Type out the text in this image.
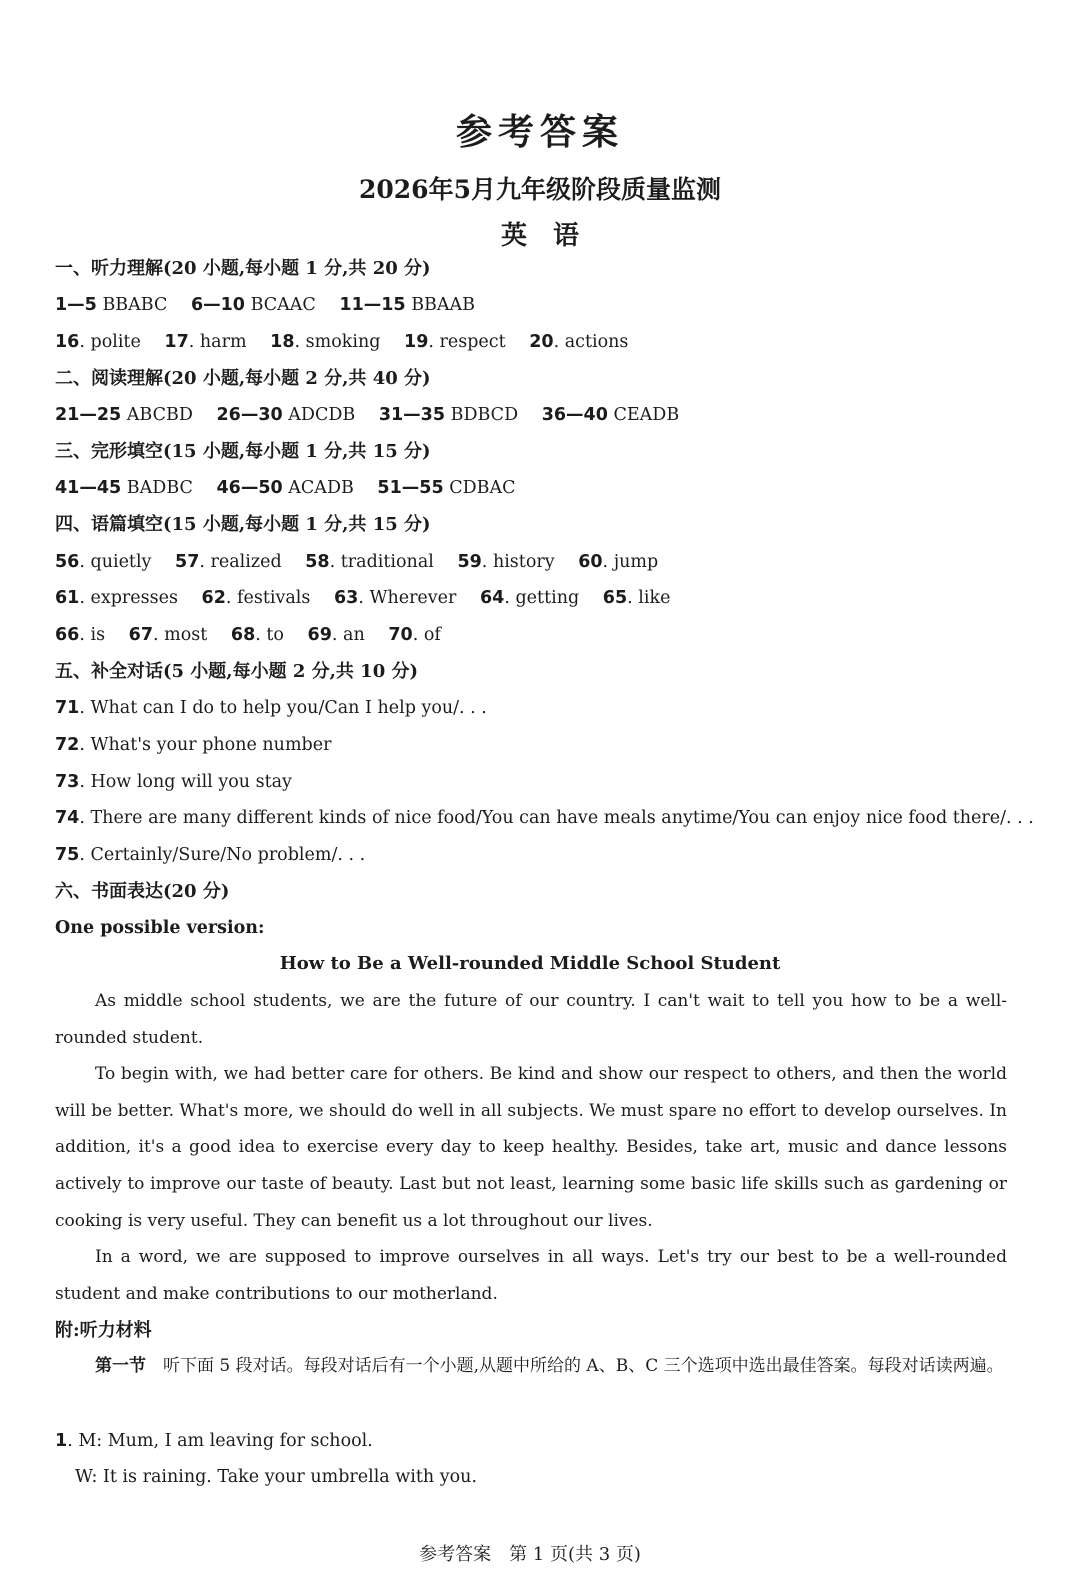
参考答案
2026年5月九年级阶段质量监测
英　语
一、听力理解(20 小题,每小题 1 分,共 20 分)
1—5 BBABC 6—10 BCAAC 11—15 BBAAB
16. polite 17. harm 18. smoking 19. respect 20. actions
二、阅读理解(20 小题,每小题 2 分,共 40 分)
21—25 ABCBD 26—30 ADCDB 31—35 BDBCD 36—40 CEADB
三、完形填空(15 小题,每小题 1 分,共 15 分)
41—45 BADBC 46—50 ACADB 51—55 CDBAC
四、语篇填空(15 小题,每小题 1 分,共 15 分)
56. quietly 57. realized 58. traditional 59. history 60. jump
61. expresses 62. festivals 63. Wherever 64. getting 65. like
66. is 67. most 68. to 69. an 70. of
五、补全对话(5 小题,每小题 2 分,共 10 分)
71. What can I do to help you/Can I help you/. . .
72. What's your phone number
73. How long will you stay
74. There are many different kinds of nice food/You can have meals anytime/You can enjoy nice food there/. . .
75. Certainly/Sure/No problem/. . .
六、书面表达(20 分)
One possible version:
How to Be a Well-rounded Middle School Student
As middle school students, we are the future of our country. I can't wait to tell you how to be a well-rounded student.
To begin with, we had better care for others. Be kind and show our respect to others, and then the world will be better. What's more, we should do well in all subjects. We must spare no effort to develop ourselves. In addition, it's a good idea to exercise every day to keep healthy. Besides, take art, music and dance lessons actively to improve our taste of beauty. Last but not least, learning some basic life skills such as gardening or cooking is very useful. They can benefit us a lot throughout our lives.
In a word, we are supposed to improve ourselves in all ways. Let's try our best to be a well-rounded student and make contributions to our motherland.
附:听力材料
第一节　 听下面 5 段对话。每段对话后有一个小题,从题中所给的 A、B、C 三个选项中选出最佳答案。每段对话读两遍。
1. M: Mum, I am leaving for school.
W: It is raining. Take your umbrella with you.
参考答案　第 1 页(共 3 页)
